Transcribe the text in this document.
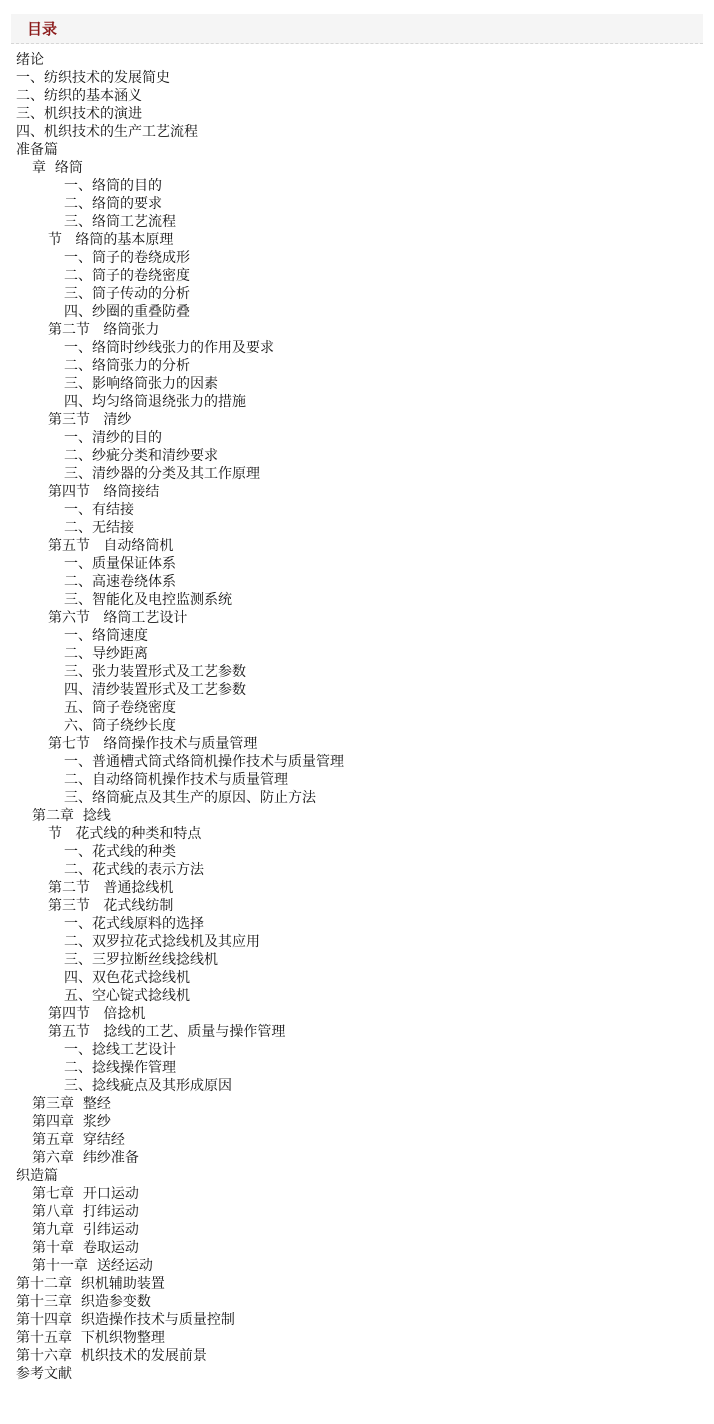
目录
绪论
一、纺织技术的发展简史
二、纺织的基本涵义
三、机织技术的演进
四、机织技术的生产工艺流程
准备篇
章  络筒
一、络筒的目的
二、络筒的要求
三、络筒工艺流程
节   络筒的基本原理
一、筒子的卷绕成形
二、筒子的卷绕密度
三、筒子传动的分析
四、纱圈的重叠防叠
第二节   络筒张力
一、络筒时纱线张力的作用及要求
二、络筒张力的分析
三、影响络筒张力的因素
四、均匀络筒退绕张力的措施
第三节   清纱
一、清纱的目的
二、纱疵分类和清纱要求
三、清纱器的分类及其工作原理
第四节   络筒接结
一、有结接
二、无结接
第五节   自动络筒机
一、质量保证体系
二、高速卷绕体系
三、智能化及电控监测系统
第六节   络筒工艺设计
一、络筒速度
二、导纱距离
三、张力装置形式及工艺参数
四、清纱装置形式及工艺参数
五、筒子卷绕密度
六、筒子绕纱长度
第七节   络筒操作技术与质量管理
一、普通槽式筒式络筒机操作技术与质量管理
二、自动络筒机操作技术与质量管理
三、络筒疵点及其生产的原因、防止方法
第二章  捻线
节   花式线的种类和特点
一、花式线的种类
二、花式线的表示方法
第二节   普通捻线机
第三节   花式线纺制
一、花式线原料的选择
二、双罗拉花式捻线机及其应用
三、三罗拉断丝线捻线机
四、双色花式捻线机
五、空心锭式捻线机
第四节   倍捻机
第五节   捻线的工艺、质量与操作管理
一、捻线工艺设计
二、捻线操作管理
三、捻线疵点及其形成原因
第三章  整经
第四章  浆纱
第五章  穿结经
第六章  纬纱准备
织造篇
第七章  开口运动
第八章  打纬运动
第九章  引纬运动
第十章  卷取运动
第十一章  送经运动
第十二章  织机辅助装置
第十三章  织造参变数
第十四章  织造操作技术与质量控制
第十五章  下机织物整理
第十六章  机织技术的发展前景
参考文献
